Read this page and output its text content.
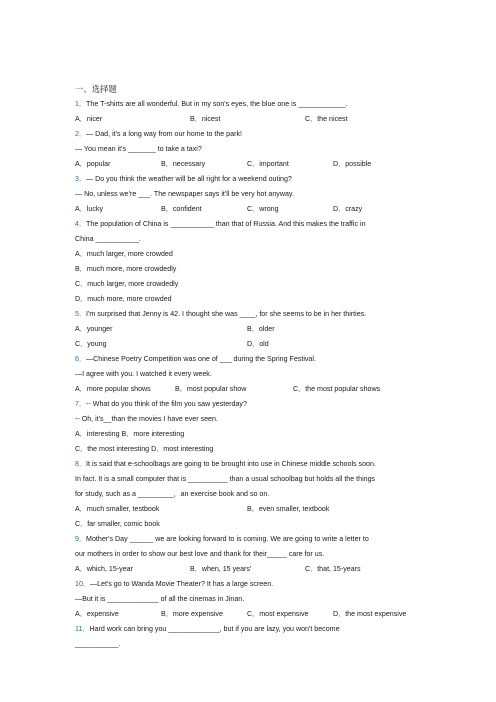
一、选择题
1．The T-shirts are all wonderful. But in my son's eyes, the blue one is ____________.
A．nicer	B．nicest	C．the nicest
2．— Dad, it's a long way from our home to the park!
— You mean it's _______ to take a taxi?
A．popular	B．necessary	C．important	D．possible
3．— Do you think the weather will be all right for a weekend outing?
— No, unless we're ___. The newspaper says it'll be very hot anyway.
A．lucky	B．confident	C．wrong	D．crazy
4．The population of China is ___________ than that of Russia. And this makes the traffic in
China ___________.
A．much larger, more crowded
B．much more, more crowdedly
C．much larger, more crowdedly
D．much more, more crowded
5．I'm surprised that Jenny is 42. I thought she was ____, for she seems to be in her thirties.
A．younger	B．older
C．young	D．old
6．—Chinese Poetry Competition was one of ___ during the Spring Festival.
—I agree with you. I watched it every week.
A．more popular shows	B．most popular show	C．the most popular shows
7．-- What do you think of the film you saw yesterday?
-- Oh, it's__than the movies I have ever seen.
A．interesting B．more interesting
C．the most interesting D．most interesting
8．It is said that e-schoolbags are going to be brought into use in Chinese middle schools soon.
In fact. It is a small computer that is __________ than a usual schoolbag but holds all the things
for study, such as a _________，an exercise book and so on.
A．much smaller, testbook	B．even smaller, textbook
C．far smaller, comic book
9．Mother's Day ______ we are looking forward to is coming. We are going to write a letter to
our mothers in order to show our best love and thank for their_____ care for us.
A．which, 15-year	B．when, 15 years'	C．that, 15-years
10．—Let's go to Wanda Movie Theater? It has a large screen.
—But it is _____________ of all the cinemas in Jinan.
A．expensive	B．more expensive	C．most expensive	D．the most expensive
11．Hard work can bring you _____________, but if you are lazy, you won't become
___________.
